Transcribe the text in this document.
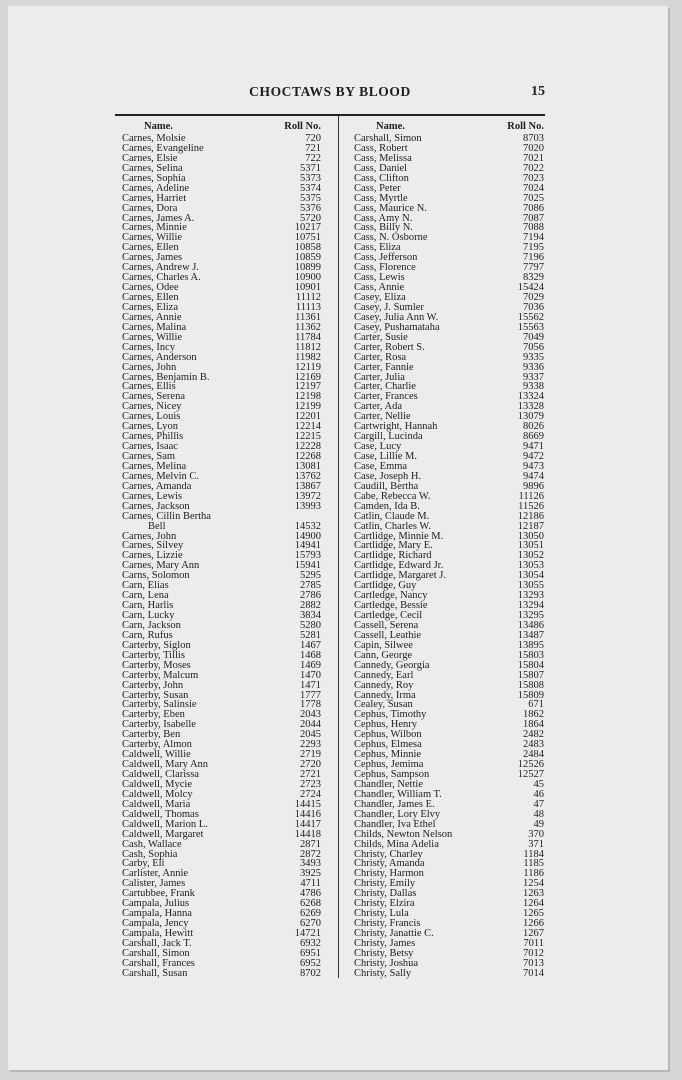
CHOCTAWS BY BLOOD	15
Name.	Roll No.
Carnes, Molsie	720
Carnes, Evangeline	721
Carnes, Elsie	722
Carnes, Selina	5371
Carnes, Sophia	5373
Carnes, Adeline	5374
Carnes, Harriet	5375
Carnes, Dora	5376
Carnes, James A.	5720
Carnes, Minnie	10217
Carnes, Willie	10751
Carnes, Ellen	10858
Carnes, James	10859
Carnes, Andrew J.	10899
Carnes, Charles A.	10900
Carnes, Odee	10901
Carnes, Ellen	11112
Carnes, Eliza	11113
Carnes, Annie	11361
Carnes, Malina	11362
Carnes, Willie	11784
Carnes, Incy	11812
Carnes, Anderson	11982
Carnes, John	12119
Carnes, Benjamin B.	12169
Carnes, Ellis	12197
Carnes, Serena	12198
Carnes, Nicey	12199
Carnes, Louis	12201
Carnes, Lyon	12214
Carnes, Phillis	12215
Carnes, Isaac	12228
Carnes, Sam	12268
Carnes, Melina	13081
Carnes, Melvin C.	13762
Carnes, Amanda	13867
Carnes, Lewis	13972
Carnes, Jackson	13993
Carnes, Cillin Bertha
Bell	14532
Carnes, John	14900
Carnes, Silvey	14941
Carnes, Lizzie	15793
Carnes, Mary Ann	15941
Carns, Solomon	5295
Carn, Elias	2785
Carn, Lena	2786
Carn, Harlis	2882
Carn, Lucky	3834
Carn, Jackson	5280
Carn, Rufus	5281
Carterby, Siglon	1467
Carterby, Tillis	1468
Carterby, Moses	1469
Carterby, Malcum	1470
Carterby, John	1471
Carterby, Susan	1777
Carterby, Salinsie	1778
Carterby, Eben	2043
Carterby, Isabelle	2044
Carterby, Ben	2045
Carterby, Almon	2293
Caldwell, Willie	2719
Caldwell, Mary Ann	2720
Caldwell, Clarissa	2721
Caldwell, Mycie	2723
Caldwell, Molcy	2724
Caldwell, Maria	14415
Caldwell, Thomas	14416
Caldwell, Marion L.	14417
Caldwell, Margaret	14418
Cash, Wallace	2871
Cash, Sophia	2872
Carby, Eli	3493
Carlister, Annie	3925
Calister, James	4711
Cartubbee, Frank	4786
Campala, Julius	6268
Campala, Hanna	6269
Campala, Jency	6270
Campala, Hewitt	14721
Carshall, Jack T.	6932
Carshall, Simon	6951
Carshall, Frances	6952
Carshall, Susan	8702
Name.	Roll No.
Carshall, Simon	8703
Cass, Robert	7020
Cass, Melissa	7021
Cass, Daniel	7022
Cass, Clifton	7023
Cass, Peter	7024
Cass, Myrtle	7025
Cass, Maurice N.	7086
Cass, Amy N.	7087
Cass, Billy N.	7088
Cass, N. Osborne	7194
Cass, Eliza	7195
Cass, Jefferson	7196
Cass, Florence	7797
Cass, Lewis	8329
Cass, Annie	15424
Casey, Eliza	7029
Casey, J. Sumler	7036
Casey, Julia Ann W.	15562
Casey, Pushamataha	15563
Carter, Susie	7049
Carter, Robert S.	7056
Carter, Rosa	9335
Carter, Fannie	9336
Carter, Julia	9337
Carter, Charlie	9338
Carter, Frances	13324
Carter, Ada	13328
Carter, Nellie	13079
Cartwright, Hannah	8026
Cargill, Lucinda	8669
Case, Lucy	9471
Case, Lillie M.	9472
Case, Emma	9473
Case, Joseph H.	9474
Caudill, Bertha	9896
Cabe, Rebecca W.	11126
Camden, Ida B.	11526
Catlin, Claude M.	12186
Catlin, Charles W.	12187
Cartlidge, Minnie M.	13050
Cartlidge, Mary E.	13051
Cartlidge, Richard	13052
Cartlidge, Edward Jr.	13053
Cartlidge, Margaret J.	13054
Cartlidge, Guy	13055
Cartledge, Nancy	13293
Cartledge, Bessie	13294
Cartledge, Cecil	13295
Cassell, Serena	13486
Cassell, Leathie	13487
Capin, Silwee	13895
Cann, George	15803
Cannedy, Georgia	15804
Cannedy, Earl	15807
Cannedy, Roy	15808
Cannedy, Irma	15809
Cealey, Susan	671
Cephus, Timothy	1862
Cephus, Henry	1864
Cephus, Wilbon	2482
Cephus, Elmesa	2483
Cephus, Minnie	2484
Cephus, Jemima	12526
Cephus, Sampson	12527
Chandler, Nettie	45
Chandler, William T.	46
Chandler, James E.	47
Chandler, Lory Elvy	48
Chandler, Iva Ethel	49
Childs, Newton Nelson	370
Childs, Mina Adelia	371
Christy, Charley	1184
Christy, Amanda	1185
Christy, Harmon	1186
Christy, Emily	1254
Christy, Dallas	1263
Christy, Elzira	1264
Christy, Lula	1265
Christy, Francis	1266
Christy, Janattie C.	1267
Christy, James	7011
Christy, Betsy	7012
Christy, Joshua	7013
Christy, Sally	7014
